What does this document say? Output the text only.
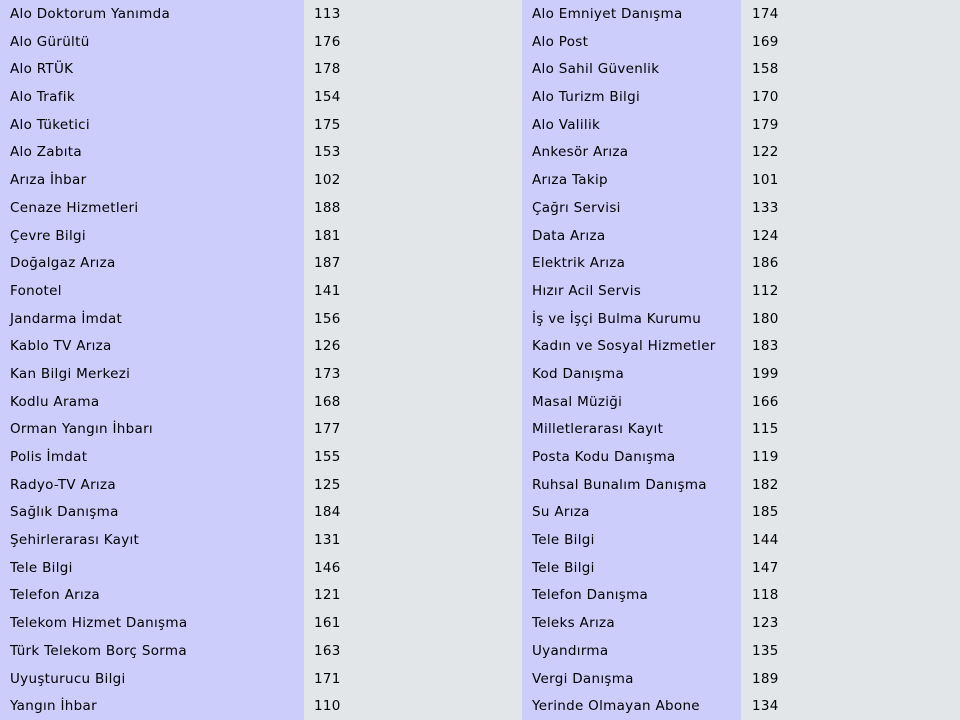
Alo Doktorum Yanımda	113	Alo Emniyet Danışma	174
Alo Gürültü	176	Alo Post	169
Alo RTÜK	178	Alo Sahil Güvenlik	158
Alo Trafik	154	Alo Turizm Bilgi	170
Alo Tüketici	175	Alo Valilik	179
Alo Zabıta	153	Ankesör Arıza	122
Arıza İhbar	102	Arıza Takip	101
Cenaze Hizmetleri	188	Çağrı Servisi	133
Çevre Bilgi	181	Data Arıza	124
Doğalgaz Arıza	187	Elektrik Arıza	186
Fonotel	141	Hızır Acil Servis	112
Jandarma İmdat	156	İş ve İşçi Bulma Kurumu	180
Kablo TV Arıza	126	Kadın ve Sosyal Hizmetler	183
Kan Bilgi Merkezi	173	Kod Danışma	199
Kodlu Arama	168	Masal Müziği	166
Orman Yangın İhbarı	177	Milletlerarası Kayıt	115
Polis İmdat	155	Posta Kodu Danışma	119
Radyo-TV Arıza	125	Ruhsal Bunalım Danışma	182
Sağlık Danışma	184	Su Arıza	185
Şehirlerarası Kayıt	131	Tele Bilgi	144
Tele Bilgi	146	Tele Bilgi	147
Telefon Arıza	121	Telefon Danışma	118
Telekom Hizmet Danışma	161	Teleks Arıza	123
Türk Telekom Borç Sorma	163	Uyandırma	135
Uyuşturucu Bilgi	171	Vergi Danışma	189
Yangın İhbar	110	Yerinde Olmayan Abone	134
